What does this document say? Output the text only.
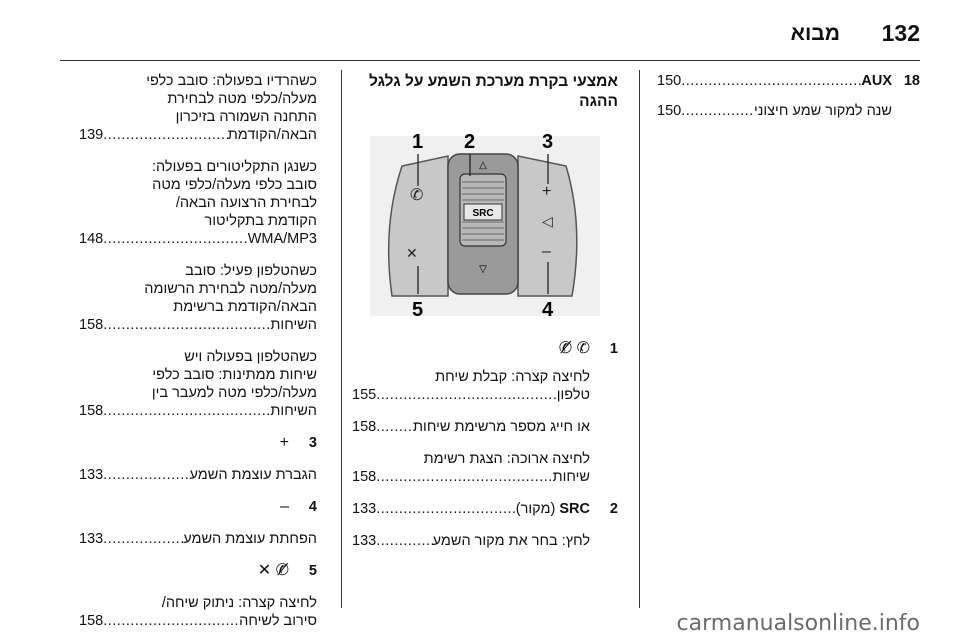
132
מבוא
18
AUX
.....
150
שנה למקור שמע חיצוני
.....
150
אמצעי בקרת מערכת השמע על גלגל
ההגה
SRC
△
▽
✆
✕
+
◁
–
1 2	3
4
5
1
✆ ✆̸
לחיצה קצרה: קבלת שיחת
טלפון
.....
155
או חייג מספר מרשימת שיחות
.....
158
לחיצה ארוכה: הצגת רשימת
שיחות
.....
158
2
SRC (מקור)
.....
133
לחץ: בחר את מקור השמע
.....
133
כשהרדיו בפעולה: סובב כלפי
מעלה/כלפי מטה לבחירת
התחנה השמורה בזיכרון
הבאה/הקודמת
.....
139
כשנגן התקליטורים בפעולה:
סובב כלפי מעלה/כלפי מטה
לבחירת הרצועה הבאה/
הקודמת בתקליטור
WMA/MP3
.....
148
כשהטלפון פעיל: סובב
מעלה/מטה לבחירת הרשומה
הבאה/הקודמת ברשימת
השיחות
.....
158
כשהטלפון בפעולה ויש
שיחות ממתינות: סובב כלפי
מעלה/כלפי מטה למעבר בין
השיחות
.....
158
3
+
הגברת עוצמת השמע
.....
133
4
–
הפחתת עוצמת השמע
.....
133
5
✆̸ ✕
לחיצה קצרה: ניתוק שיחה/
סירוב לשיחה
.....
158	carmanualsonline.info
